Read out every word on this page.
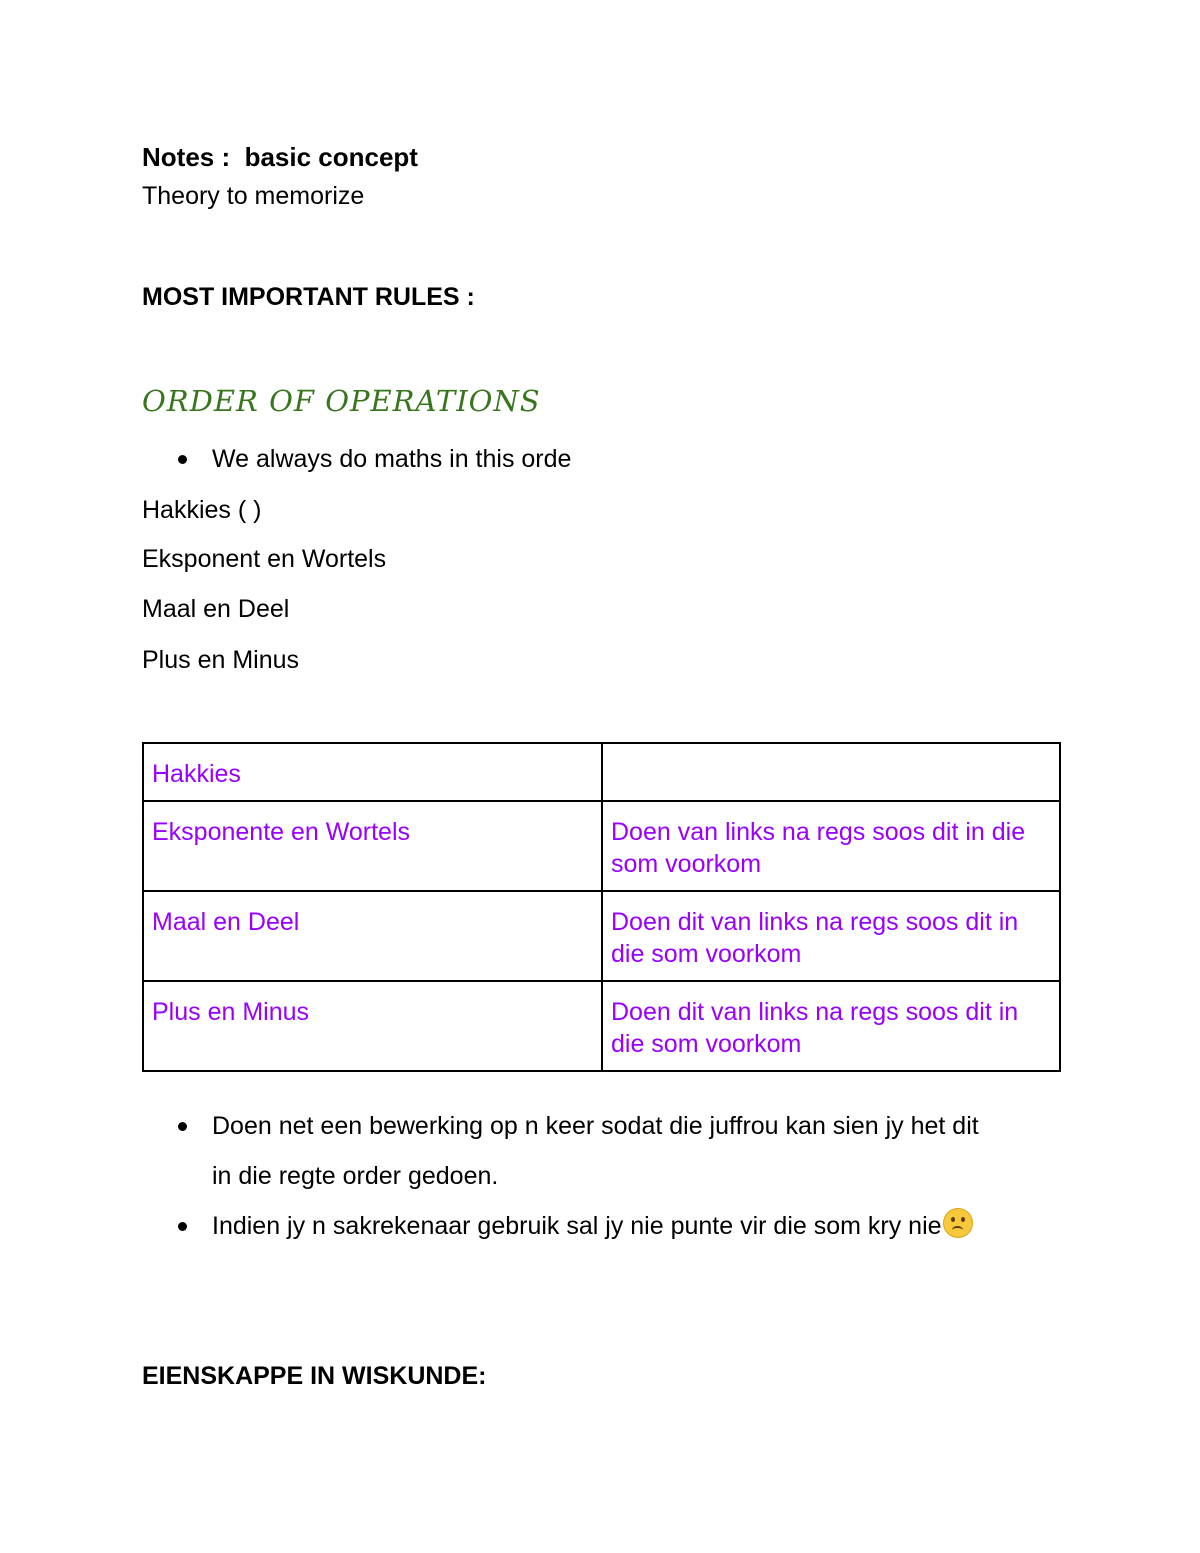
Notes :  basic concept
Theory to memorize
MOST IMPORTANT RULES :
ORDER OF OPERATIONS
We always do maths in this orde
Hakkies ( )
Eksponent en Wortels
Maal en Deel
Plus en Minus
Hakkies	
Eksponente en Wortels	Doen van links na regs soos dit in die som voorkom
Maal en Deel	Doen dit van links na regs soos dit in die som voorkom
Plus en Minus	Doen dit van links na regs soos dit in die som voorkom
Doen net een bewerking op n keer sodat die juffrou kan sien jy het dit
in die regte order gedoen.
Indien jy n sakrekenaar gebruik sal jy nie punte vir die som kry nie
EIENSKAPPE IN WISKUNDE:
